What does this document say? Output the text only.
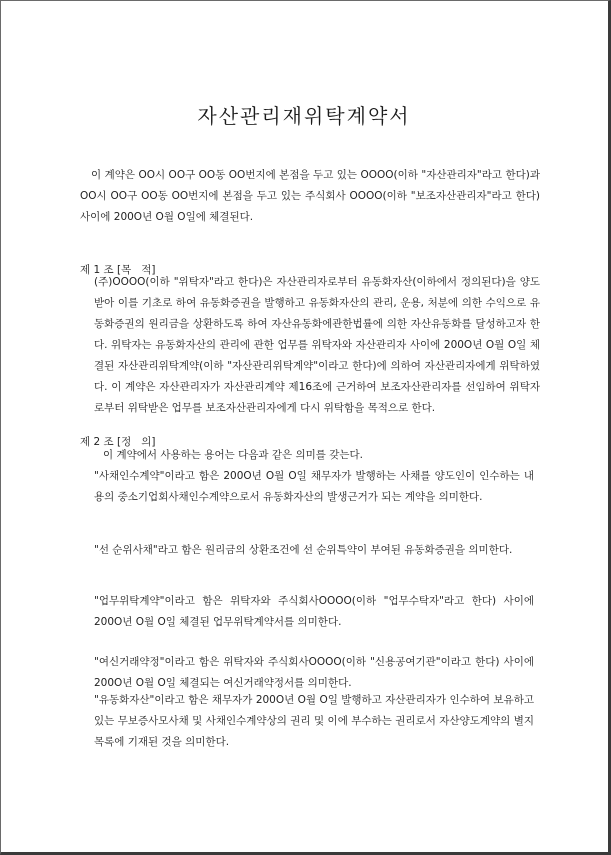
자산관리재위탁계약서
이 계약은 OO시 OO구 OO동 OO번지에 본점을 두고 있는 OOOO(이하 "자산관리자"라고 한다)과 OO시 OO구 OO동 OO번지에 본점을 두고 있는 주식회사 OOOO(이하 "보조자산관리자"라고 한다) 사이에 200O년 O월 O일에 체결된다.
제 1 조 [목   적]
(주)OOOO(이하 "위탁자"라고 한다)은 자산관리자로부터 유동화자산(이하에서 정의된다)을 양도받아 이를 기초로 하여 유동화증권을 발행하고 유동화자산의 관리, 운용, 처분에 의한 수익으로 유동화증권의 원리금을 상환하도록 하여 자산유동화에관한법률에 의한 자산유동화를 달성하고자 한다. 위탁자는 유동화자산의 관리에 관한 업무를 위탁자와 자산관리자 사이에 200O년 O월 O일 체결된 자산관리위탁계약(이하 "자산관리위탁계약"이라고 한다)에 의하여 자산관리자에게 위탁하였다. 이 계약은 자산관리자가 자산관리계약 제16조에 근거하여 보조자산관리자를 선임하여 위탁자로부터 위탁받은 업무를 보조자산관리자에게 다시 위탁함을 목적으로 한다.
제 2 조 [정   의]
이 계약에서 사용하는 용어는 다음과 같은 의미를 갖는다.
"사채인수계약"이라고 함은 200O년 O월 O일 채무자가 발행하는 사채를 양도인이 인수하는 내용의 중소기업회사채인수계약으로서 유동화자산의 발생근거가 되는 계약을 의미한다.
"선 순위사채"라고 함은 원리금의 상환조건에 선 순위특약이 부여된 유동화증권을 의미한다.
"업무위탁계약"이라고 함은 위탁자와 주식회사OOOO(이하 "업무수탁자"라고 한다) 사이에 200O년 O월 O일 체결된 업무위탁계약서를 의미한다.
"여신거래약정"이라고 함은 위탁자와 주식회사OOOO(이하 "신용공여기관"이라고 한다) 사이에 200O년 O월 O일 체결되는 여신거래약정서를 의미한다.
"유동화자산"이라고 함은 채무자가 200O년 O월 O일 발행하고 자산관리자가 인수하여 보유하고 있는 무보증사모사채 및 사채인수계약상의 권리 및 이에 부수하는 권리로서 자산양도계약의 별지 목록에 기재된 것을 의미한다.
